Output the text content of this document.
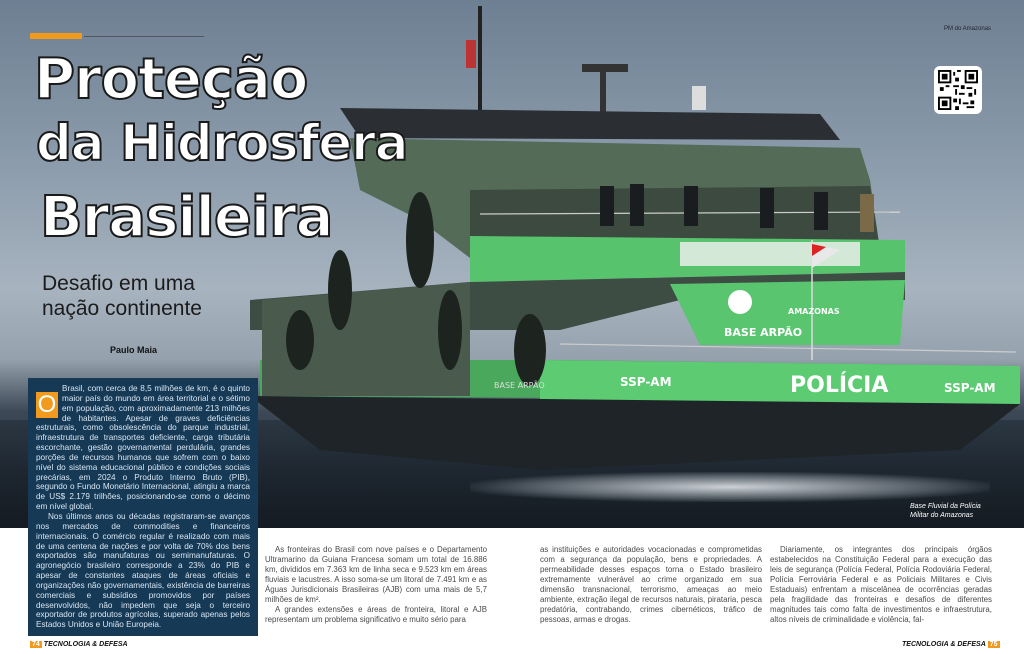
POLÍCIA
SSP-AM	SSP-AM
BASE ARPÃO
AMAZONAS
BASE ARPÃO
PM do Amazonas
Proteção
da Hidrosfera
Brasileira
Desafio em uma
nação continente
Paulo Maia
Base Fluvial da Polícia Militar do Amazonas

O
Brasil, com cerca de 8,5 milhões de km, é o quinto maior país do mundo em área territorial e o sétimo em população, com aproximadamente 213 milhões de habitantes. Apesar de graves deficiências estruturais, como obsolescência do parque industrial, infraestrutura de transportes deficiente, carga tributária escorchante, gestão governamental perdulária, grandes porções de recursos humanos que sofrem com o baixo nível do sistema educacional público e condições sociais precárias, em 2024 o Produto Interno Bruto (PIB), segundo o Fundo Monetário Internacional, atingiu a marca de US$ 2.179 trilhões, posicionando-se como o décimo em nível global.

Nos últimos anos ou décadas registraram-se avanços nos mercados de commodities e financeiros internacionais. O comércio regular é realizado com mais de uma centena de nações e por volta de 70% dos bens exportados são manufaturas ou semimanufaturas. O agronegócio brasileiro corresponde a 23% do PIB e apesar de constantes ataques de áreas oficiais e organizações não governamentais, existência de barreiras comerciais e subsídios promovidos por países desenvolvidos, não impedem que seja o terceiro exportador de produtos agrícolas, superado apenas pelos Estados Unidos e União Europeia.

As fronteiras do Brasil com nove países e o Departamento Ultramarino da Guiana Francesa somam um total de 16.886 km, divididos em 7.363 km de linha seca e 9.523 km em áreas fluviais e lacustres. A isso soma-se um litoral de 7.491 km e as Águas Jurisdicionais Brasileiras (AJB) com uma mais de 5,7 milhões de km².

A grandes extensões e áreas de fronteira, litoral e AJB representam um problema significativo e muito sério para

as instituições e autoridades vocacionadas e comprometidas com a segurança da população, bens e propriedades. A permeabilidade desses espaços torna o Estado brasileiro extremamente vulnerável ao crime organizado em sua dimensão transnacional, terrorismo, ameaças ao meio ambiente, extração ilegal de recursos naturais, pirataria, pesca predatória, contrabando, crimes cibernéticos, tráfico de pessoas, armas e drogas.

Diariamente, os integrantes dos principais órgãos estabelecidos na Constituição Federal para a execução das leis de segurança (Polícia Federal, Polícia Rodoviária Federal, Polícia Ferroviária Federal e as Policiais Militares e Civis Estaduais) enfrentam a miscelânea de ocorrências geradas pela fragilidade das fronteiras e desafios de diferentes magnitudes tais como falta de investimentos e infraestrutura, altos níveis de criminalidade e violência, fal-

74 TECNOLOGIA & DEFESA	TECNOLOGIA & DEFESA 75
